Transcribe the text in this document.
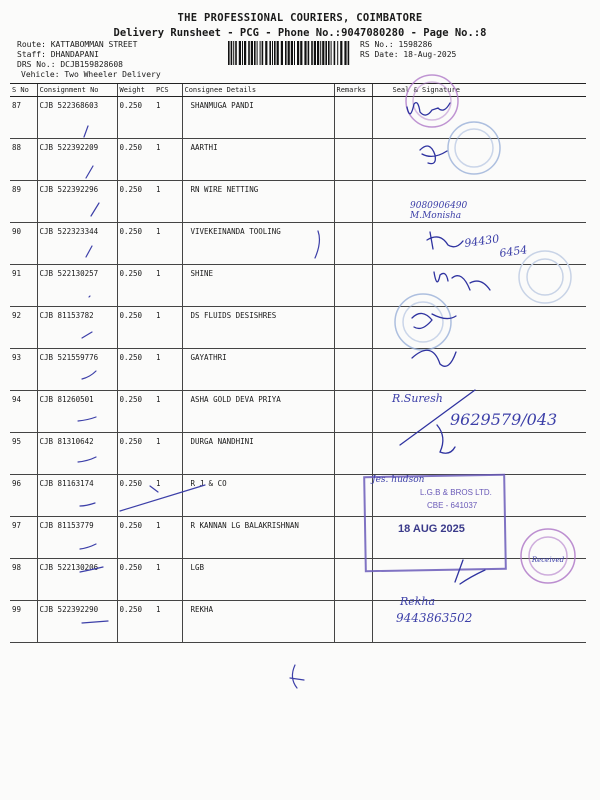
THE PROFESSIONAL COURIERS, COIMBATORE
Delivery Runsheet - PCG - Phone No.:9047080280 - Page No.:8
Route: KATTABOMMAN STREET
Staff: DHANDAPANI
DRS No.: DCJB159828608
Vehicle: Two Wheeler Delivery
RS No.: 1598286
RS Date: 18-Aug-2025
S No	Consignment No	Weight	PCS	Consignee Details	Remarks	Seal & Signature
87	CJB 522368603	0.250	1	SHANMUGA PANDI		
88	CJB 522392209	0.250	1	AARTHI		
89	CJB 522392296	0.250	1	RN WIRE NETTING		
90	CJB 522323344	0.250	1	VIVEKEINANDA TOOLING		
91	CJB 522130257	0.250	1	SHINE		
92	CJB 81153782	0.250	1	DS FLUIDS DESISHRES		
93	CJB 521559776	0.250	1	GAYATHRI		
94	CJB 81260501	0.250	1	ASHA GOLD DEVA PRIYA		
95	CJB 81310642	0.250	1	DURGA NANDHINI		
96	CJB 81163174	0.250	1	R J & CO		
97	CJB 81153779	0.250	1	R KANNAN LG BALAKRISHNAN		
98	CJB 522130206	0.250	1	LGB		
99	CJB 522392290	0.250	1	REKHA		
Received
L.G.B & BROS LTD.
CBE - 641037
18 AUG 2025
9080906490
M.Monisha
94430
6454
R.Suresh
9629579/043
Jes. hudson
Rekha
9443863502
